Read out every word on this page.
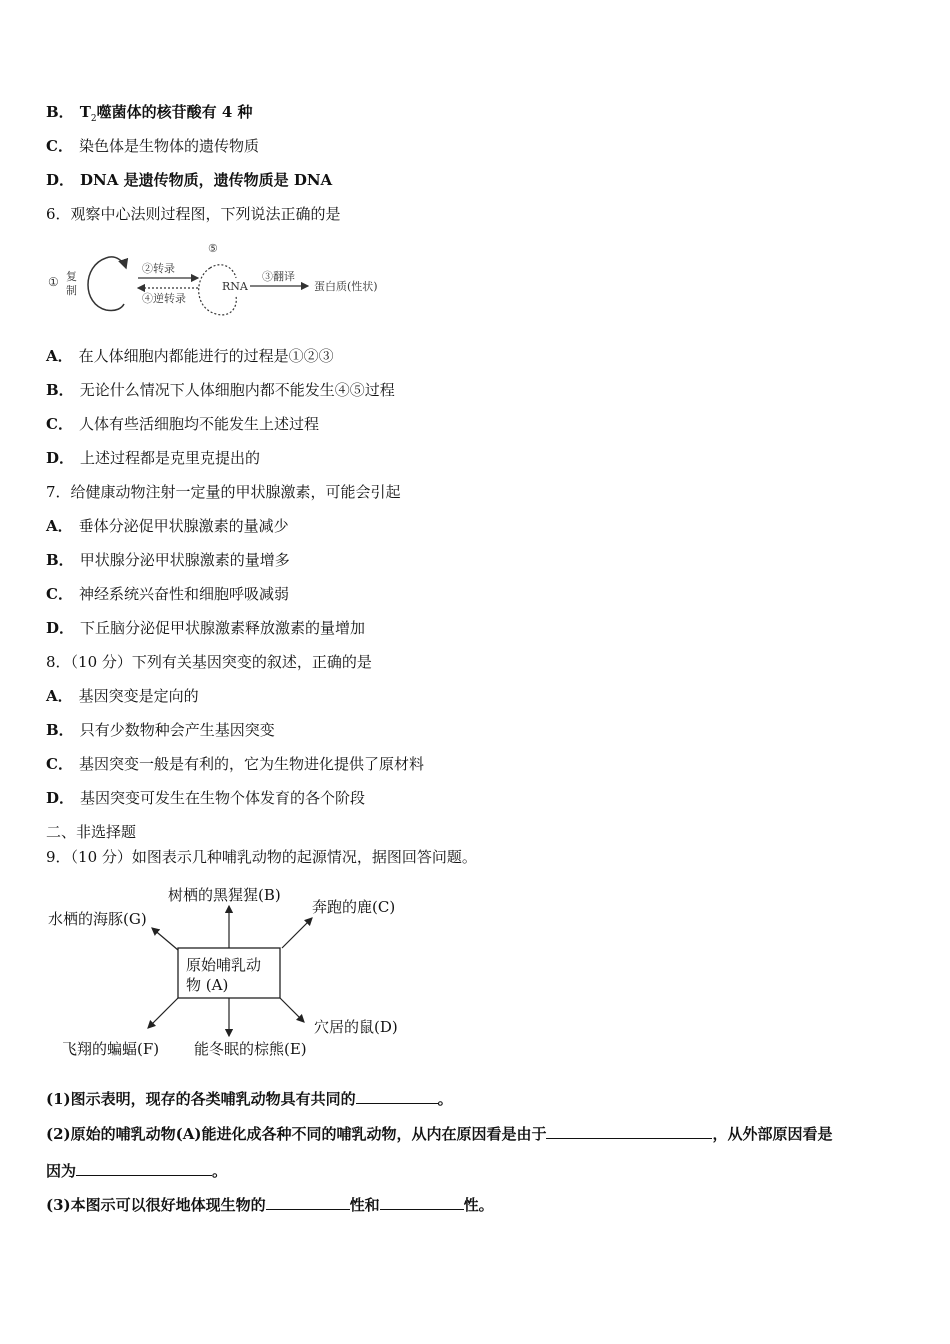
B． $T_2$噬菌体的核苷酸有 4 种
C． 染色体是生物体的遗传物质
D． DNA 是遗传物质，遗传物质是 DNA
6．观察中心法则过程图，下列说法正确的是
① 复
制
②转录
④逆转录
⑤
RNA
③翻译
蛋白质(性状)
A． 在人体细胞内都能进行的过程是①②③
B． 无论什么情况下人体细胞内都不能发生④⑤过程
C． 人体有些活细胞均不能发生上述过程
D． 上述过程都是克里克提出的
7．给健康动物注射一定量的甲状腺激素，可能会引起
A． 垂体分泌促甲状腺激素的量减少
B． 甲状腺分泌甲状腺激素的量增多
C． 神经系统兴奋性和细胞呼吸减弱
D． 下丘脑分泌促甲状腺激素释放激素的量增加
8．（10 分）下列有关基因突变的叙述，正确的是
A． 基因突变是定向的
B． 只有少数物种会产生基因突变
C． 基因突变一般是有利的，它为生物进化提供了原材料
D． 基因突变可发生在生物个体发育的各个阶段
二、非选择题
9．（10 分）如图表示几种哺乳动物的起源情况，据图回答问题。
原始哺乳动
物 (A)
树栖的黑猩猩(B)
奔跑的鹿(C)
水栖的海豚(G)
穴居的鼠(D)
能冬眠的棕熊(E)
飞翔的蝙蝠(F)
(1)图示表明，现存的各类哺乳动物具有共同的	。
(2)原始的哺乳动物(A)能进化成各种不同的哺乳动物，从内在原因看是由于	，从外部原因看是
因为	。
(3)本图示可以很好地体现生物的	性和	性。
